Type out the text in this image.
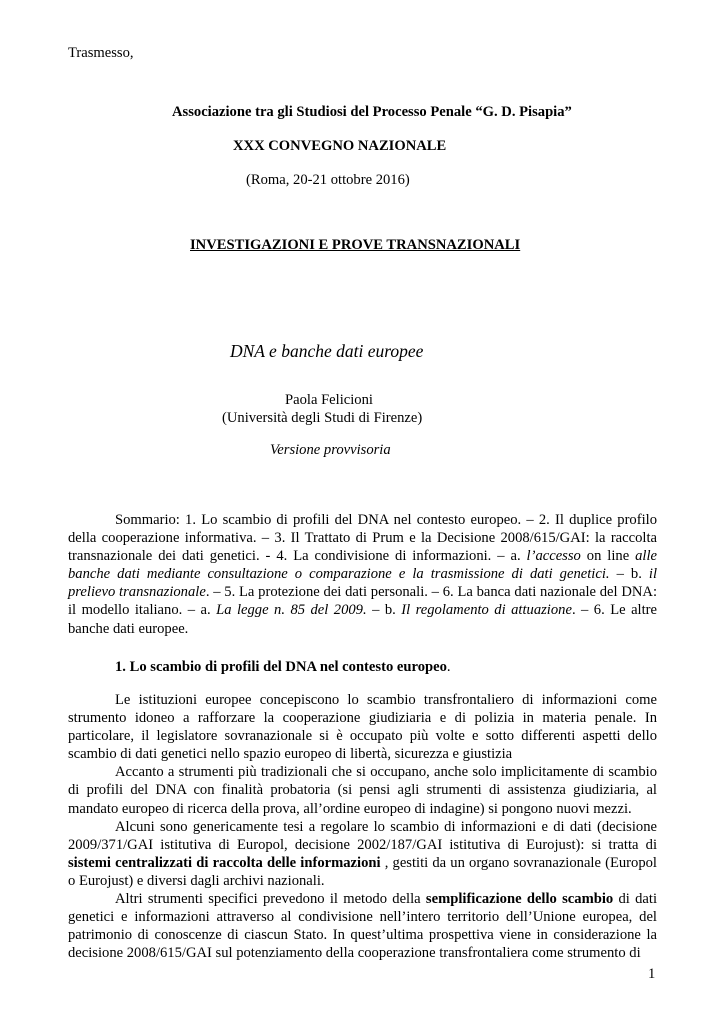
Trasmesso,
Associazione tra gli Studiosi del Processo Penale “G. D. Pisapia”
XXX CONVEGNO NAZIONALE
(Roma, 20-21 ottobre 2016)
INVESTIGAZIONI E PROVE TRANSNAZIONALI
DNA e banche dati europee
Paola Felicioni
(Università degli Studi di Firenze)
Versione provvisoria

Sommario: 1. Lo scambio di profili del DNA nel contesto europeo. – 2. Il duplice profilo della cooperazione informativa. – 3. Il Trattato di Prum e la Decisione 2008/615/GAI: la raccolta transnazionale dei dati genetici. - 4. La condivisione di informazioni. – a. l’accesso on line alle banche dati mediante consultazione o comparazione e la trasmissione di dati genetici. – b. il prelievo transnazionale. – 5. La protezione dei dati personali. – 6. La banca dati nazionale del DNA: il modello italiano. – a. La legge n. 85 del 2009. – b. Il regolamento di attuazione. – 6. Le altre banche dati europee.

1. Lo scambio di profili del DNA nel contesto europeo.

Le istituzioni europee concepiscono lo scambio transfrontaliero di informazioni come strumento idoneo a rafforzare la cooperazione giudiziaria e di polizia in materia penale. In particolare, il legislatore sovranazionale si è occupato più volte e sotto differenti aspetti dello scambio di dati genetici nello spazio europeo di libertà, sicurezza e giustizia

Accanto a strumenti più tradizionali che si occupano, anche solo implicitamente di scambio di profili del DNA con finalità probatoria (si pensi agli strumenti di assistenza giudiziaria, al mandato europeo di ricerca della prova, all’ordine europeo di indagine) si pongono nuovi mezzi.

Alcuni sono genericamente tesi a regolare lo scambio di informazioni e di dati (decisione 2009/371/GAI istitutiva di Europol, decisione 2002/187/GAI istitutiva di Eurojust): si tratta di sistemi centralizzati di raccolta delle informazioni , gestiti da un organo sovranazionale (Europol o Eurojust) e diversi dagli archivi nazionali.

Altri strumenti specifici prevedono il metodo della semplificazione dello scambio di dati genetici e informazioni attraverso al condivisione nell’intero territorio dell’Unione europea, del patrimonio di conoscenze di ciascun Stato. In quest’ultima prospettiva viene in considerazione la decisione 2008/615/GAI sul potenziamento della cooperazione transfrontaliera come strumento di

1
